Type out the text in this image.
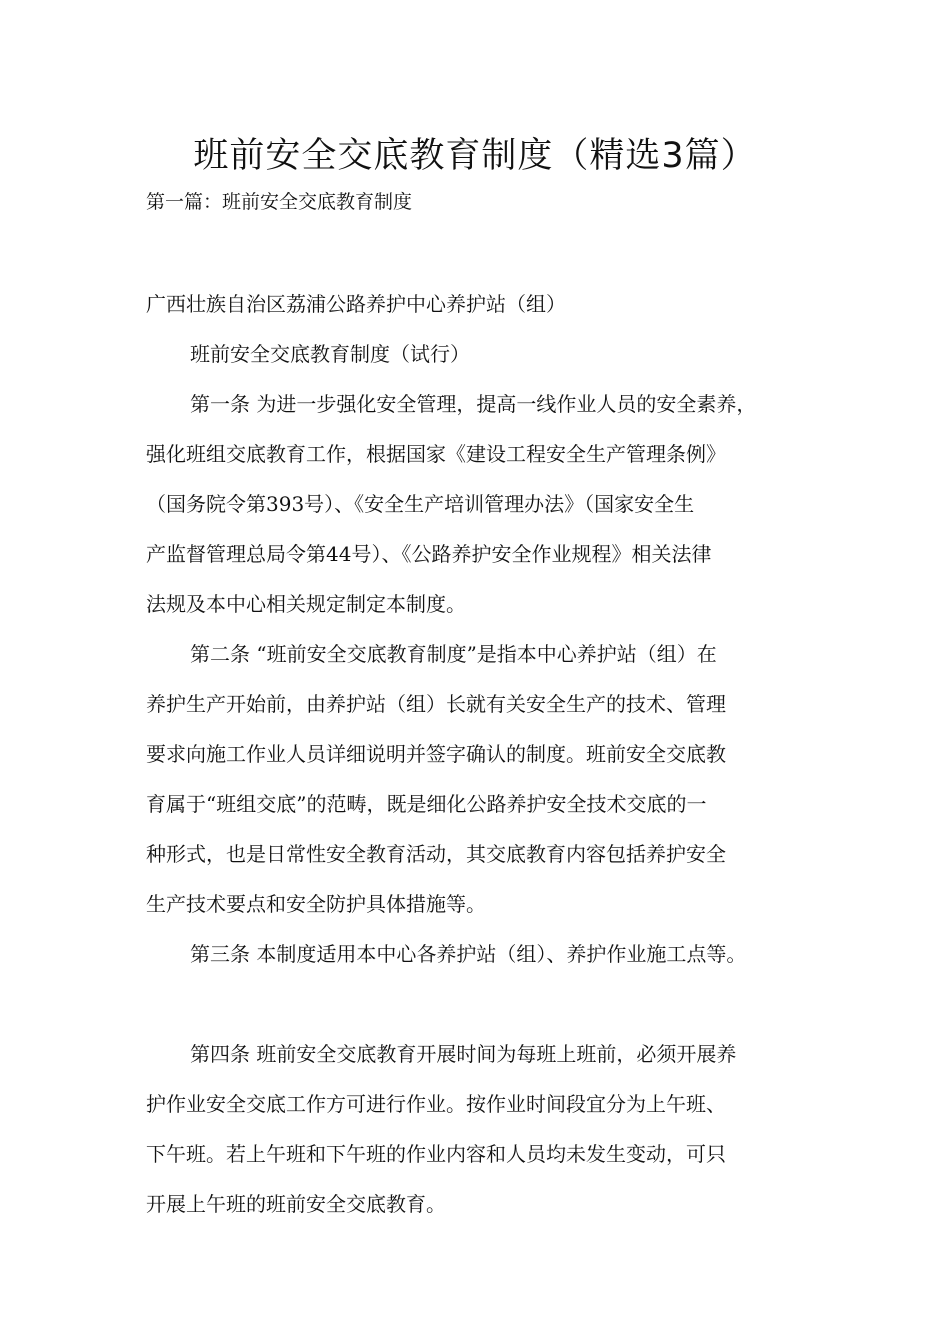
班前安全交底教育制度（精选3篇）

第一篇：班前安全交底教育制度

广西壮族自治区荔浦公路养护中心养护站（组）

班前安全交底教育制度（试行）

第一条 为进一步强化安全管理，提高一线作业人员的安全素养，

强化班组交底教育工作，根据国家《建设工程安全生产管理条例》

（国务院令第393号）、《安全生产培训管理办法》（国家安全生

产监督管理总局令第44号）、《公路养护安全作业规程》相关法律

法规及本中心相关规定制定本制度。

第二条 “班前安全交底教育制度”是指本中心养护站（组）在

养护生产开始前，由养护站（组）长就有关安全生产的技术、管理

要求向施工作业人员详细说明并签字确认的制度。班前安全交底教

育属于“班组交底”的范畴，既是细化公路养护安全技术交底的一

种形式，也是日常性安全教育活动，其交底教育内容包括养护安全

生产技术要点和安全防护具体措施等。

第三条 本制度适用本中心各养护站（组）、养护作业施工点等。

第四条 班前安全交底教育开展时间为每班上班前，必须开展养

护作业安全交底工作方可进行作业。按作业时间段宜分为上午班、

下午班。若上午班和下午班的作业内容和人员均未发生变动，可只

开展上午班的班前安全交底教育。
